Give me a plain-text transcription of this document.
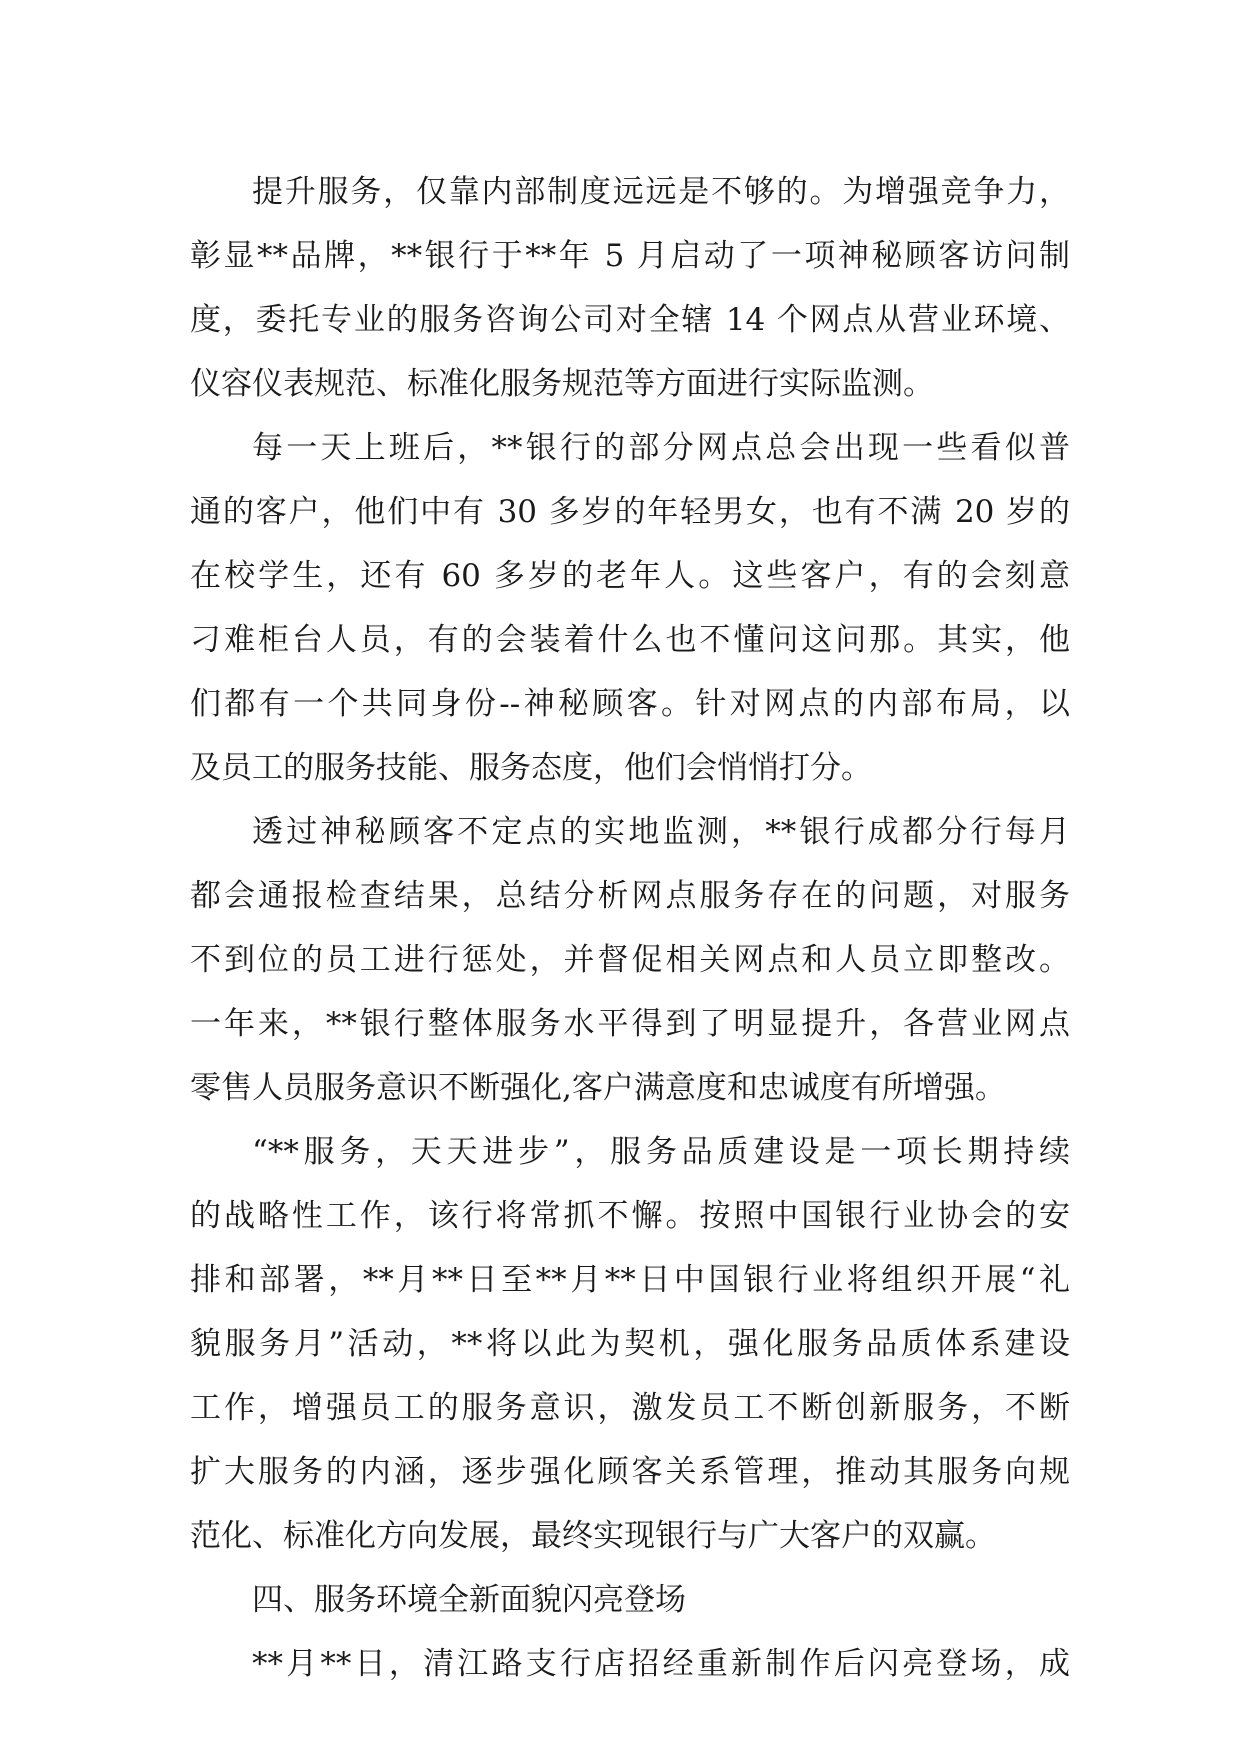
提升服务，仅靠内部制度远远是不够的。为增强竞争力，
彰显**品牌，**银行于**年 5 月启动了一项神秘顾客访问制
度，委托专业的服务咨询公司对全辖 14 个网点从营业环境、
仪容仪表规范、标准化服务规范等方面进行实际监测。
每一天上班后，**银行的部分网点总会出现一些看似普
通的客户，他们中有 30 多岁的年轻男女，也有不满 20 岁的
在校学生，还有 60 多岁的老年人。这些客户，有的会刻意
刁难柜台人员，有的会装着什么也不懂问这问那。其实，他
们都有一个共同身份--神秘顾客。针对网点的内部布局，以
及员工的服务技能、服务态度，他们会悄悄打分。
透过神秘顾客不定点的实地监测，**银行成都分行每月
都会通报检查结果，总结分析网点服务存在的问题，对服务
不到位的员工进行惩处，并督促相关网点和人员立即整改。
一年来，**银行整体服务水平得到了明显提升，各营业网点
零售人员服务意识不断强化,客户满意度和忠诚度有所增强。
“**服务，天天进步”，服务品质建设是一项长期持续
的战略性工作，该行将常抓不懈。按照中国银行业协会的安
排和部署，**月**日至**月**日中国银行业将组织开展“礼
貌服务月”活动，**将以此为契机，强化服务品质体系建设
工作，增强员工的服务意识，激发员工不断创新服务，不断
扩大服务的内涵，逐步强化顾客关系管理，推动其服务向规
范化、标准化方向发展，最终实现银行与广大客户的双赢。
四、服务环境全新面貌闪亮登场
**月**日，清江路支行店招经重新制作后闪亮登场，成
